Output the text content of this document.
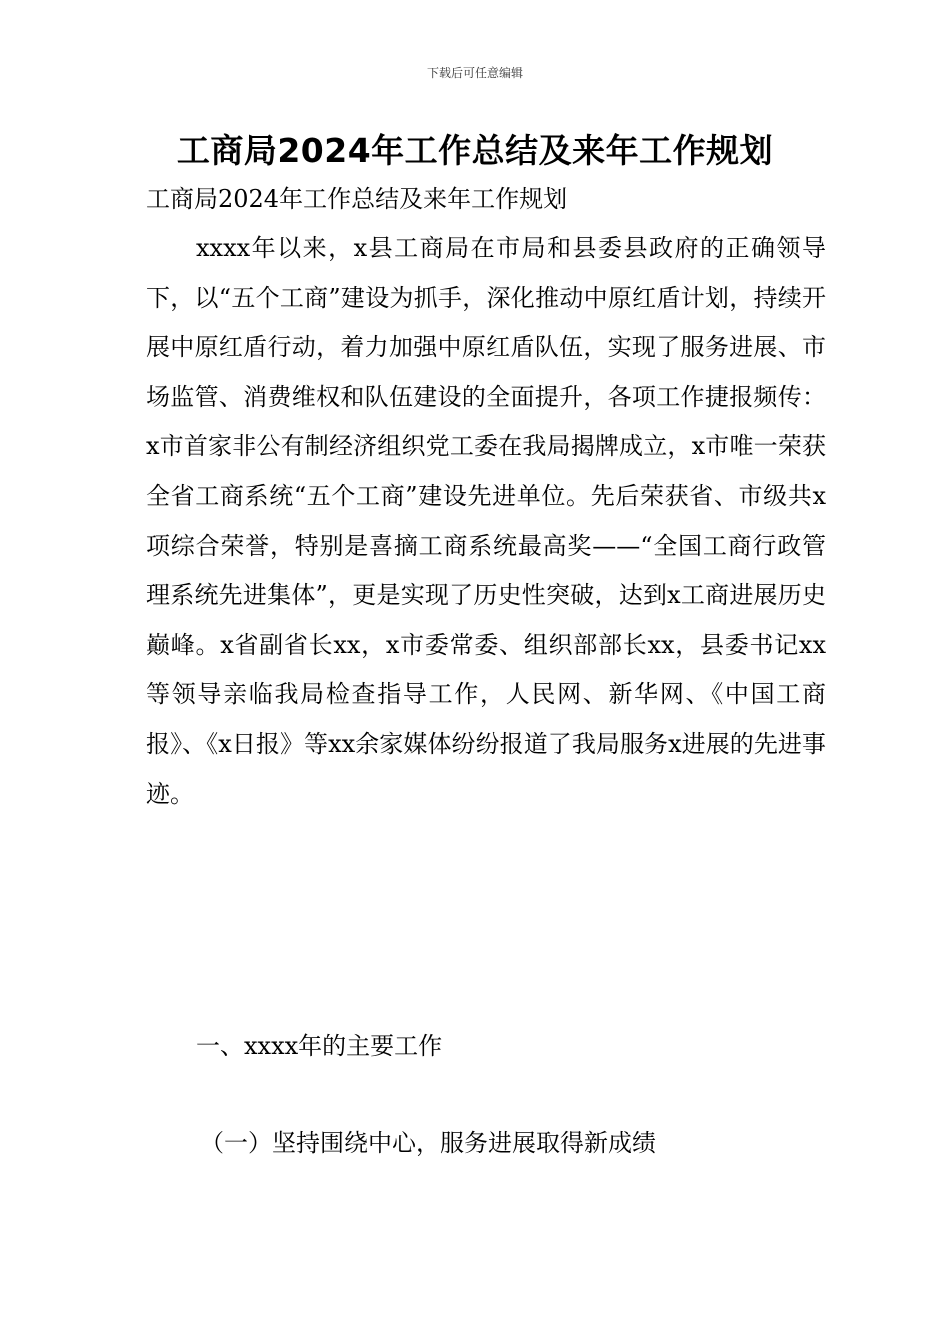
下载后可任意编辑
工商局2024年工作总结及来年工作规划
工商局2024年工作总结及来年工作规划

xxxx年以来，x县工商局在市局和县委县政府的正确领导下，以“五个工商”建设为抓手，深化推动中原红盾计划，持续开展中原红盾行动，着力加强中原红盾队伍，实现了服务进展、市场监管、消费维权和队伍建设的全面提升，各项工作捷报频传：x市首家非公有制经济组织党工委在我局揭牌成立，x市唯一荣获全省工商系统“五个工商”建设先进单位。先后荣获省、市级共x项综合荣誉，特别是喜摘工商系统最高奖——“全国工商行政管理系统先进集体”，更是实现了历史性突破，达到x工商进展历史巅峰。x省副省长xx，x市委常委、组织部部长xx，县委书记xx等领导亲临我局检查指导工作，人民网、新华网、《中国工商报》、《x日报》等xx余家媒体纷纷报道了我局服务x进展的先进事迹。

一、xxxx年的主要工作
（一）坚持围绕中心，服务进展取得新成绩
